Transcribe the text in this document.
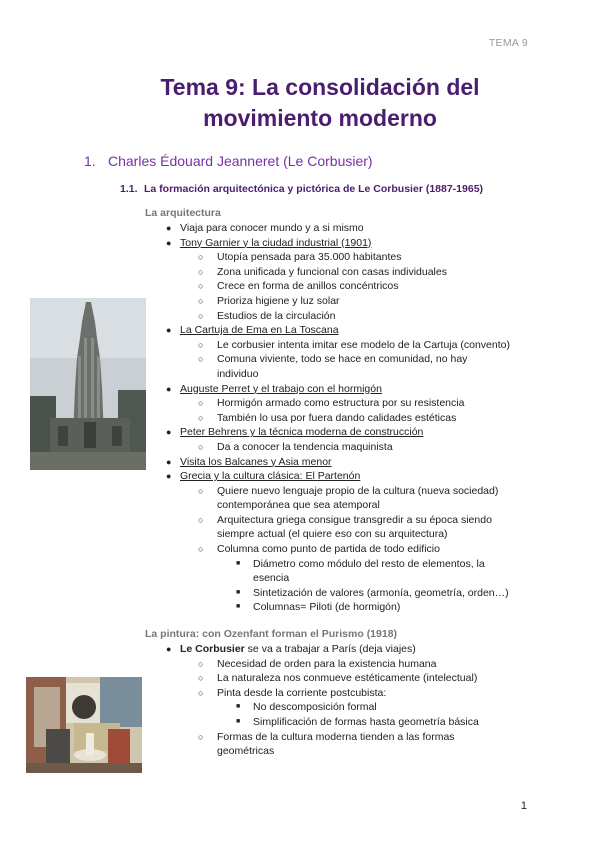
TEMA 9
Tema 9: La consolidación del
movimiento moderno
1. Charles Édouard Jeanneret (Le Corbusier)
1.1. La formación arquitectónica y pictórica de Le Corbusier (1887-1965)
La arquitectura
● Viaja para conocer mundo y a si mismo
● Tony Garnier y la ciudad industrial (1901)
○ Utopía pensada para 35.000 habitantes
○ Zona unificada y funcional con casas individuales
○ Crece en forma de anillos concéntricos
○ Prioriza higiene y luz solar
○ Estudios de la circulación
● La Cartuja de Ema en La Toscana
○ Le corbusier intenta imitar ese modelo de la Cartuja (convento)
○ Comuna viviente, todo se hace en comunidad, no hay
individuo
● Auguste Perret y el trabajo con el hormigón
○ Hormigón armado como estructura por su resistencia
○ También lo usa por fuera dando calidades estéticas
● Peter Behrens y la técnica moderna de construcción
○ Da a conocer la tendencia maquinista
● Visita los Balcanes y Asia menor
● Grecia y la cultura clásica: El Partenón
○ Quiere nuevo lenguaje propio de la cultura (nueva sociedad)
contemporánea que sea atemporal
○ Arquitectura griega consigue transgredir a su época siendo
siempre actual (el quiere eso con su arquitectura)
○ Columna como punto de partida de todo edificio
■ Diámetro como módulo del resto de elementos, la
esencia
■ Sintetización de valores (armonía, geometría, orden…)
■ Columnas= Piloti (de hormigón)
La pintura: con Ozenfant forman el Purismo (1918)
● Le Corbusier se va a trabajar a París (deja viajes)
○ Necesidad de orden para la existencia humana
○ La naturaleza nos conmueve estéticamente (intelectual)
○ Pinta desde la corriente postcubista:
■ No descomposición formal
■ Simplificación de formas hasta geometría básica
○ Formas de la cultura moderna tienden a las formas
geométricas
1
